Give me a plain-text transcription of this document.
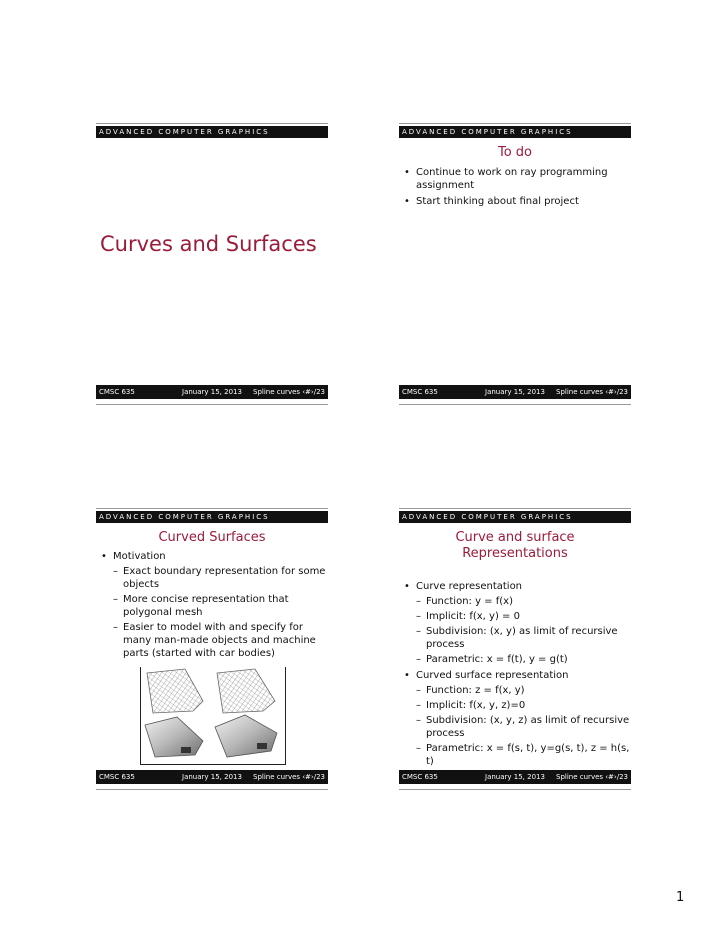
ADVANCED COMPUTER GRAPHICS
Curves and Surfaces
CMSC 635	January 15, 2013 Spline curves ‹#›/23
ADVANCED COMPUTER GRAPHICS
To do
• Continue to work on ray programming assignment
• Start thinking about final project
CMSC 635	January 15, 2013 Spline curves ‹#›/23
ADVANCED COMPUTER GRAPHICS
Curved Surfaces
• Motivation
– Exact boundary representation for some objects
– More concise representation that polygonal mesh
– Easier to model with and specify for many man-made objects and machine parts (started with car bodies)
CMSC 635	January 15, 2013 Spline curves ‹#›/23
ADVANCED COMPUTER GRAPHICS
Curve and surface
Representations
• Curve representation
– Function: y = f(x)
– Implicit: f(x, y) = 0
– Subdivision: (x, y) as limit of recursive process
– Parametric: x = f(t), y = g(t)
• Curved surface representation
– Function: z = f(x, y)
– Implicit: f(x, y, z)=0
– Subdivision: (x, y, z) as limit of recursive process
– Parametric: x = f(s, t), y=g(s, t), z = h(s, t)
CMSC 635	January 15, 2013 Spline curves ‹#›/23
1
